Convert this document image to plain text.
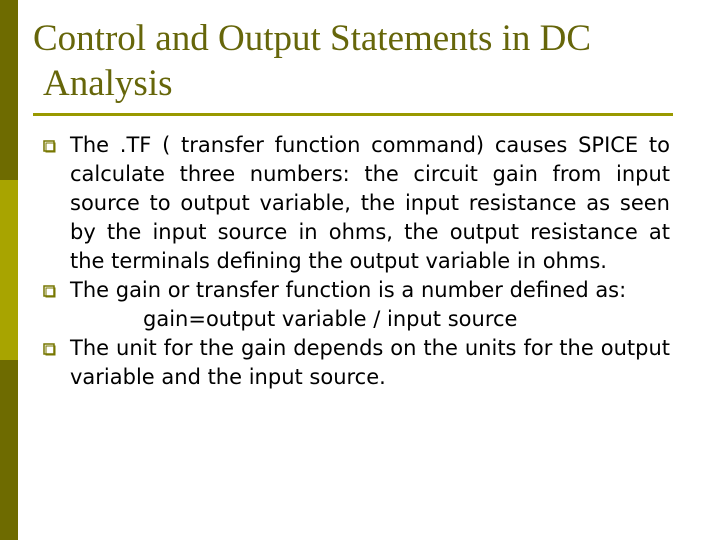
Control and Output Statements in DC
Analysis

The .TF ( transfer function command) causes SPICE to calculate three numbers: the circuit gain from input source to output variable, the input resistance as seen by the input source in ohms, the output resistance at the terminals defining the output variable in ohms.

The gain or transfer function is a number defined as:

gain=output variable / input source

The unit for the gain depends on the units for the output variable and the input source.
